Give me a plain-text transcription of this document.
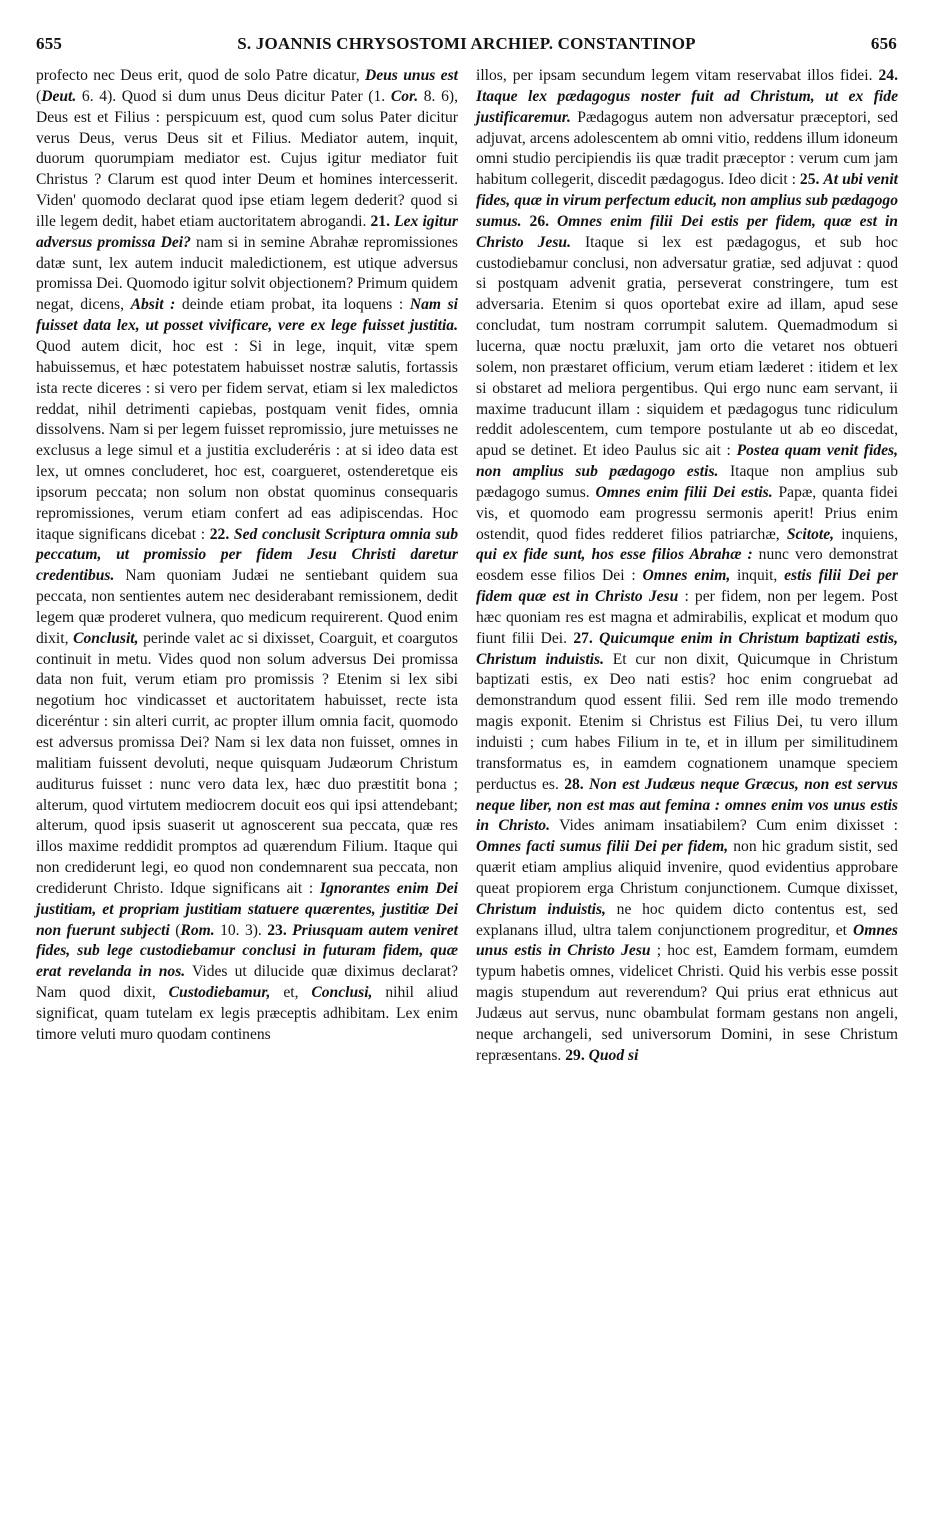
655	S. JOANNIS CHRYSOSTOMI ARCHIEP. CONSTANTINOP	656

profecto nec Deus erit, quod de solo Patre dicatur, Deus unus est (Deut. 6. 4). Quod si dum unus Deus dicitur Pater (1. Cor. 8. 6), Deus est et Filius : perspicuum est, quod cum solus Pater dicitur verus Deus, verus Deus sit et Filius. Mediator autem, inquit, duorum quorumpiam mediator est. Cujus igitur mediator fuit Christus ? Clarum est quod inter Deum et homines intercesserit. Viden' quomodo declarat quod ipse etiam legem dederit? quod si ille legem dedit, habet etiam auctoritatem abrogandi. 21. Lex igitur adversus promissa Dei? nam si in semine Abrahæ repromissiones datæ sunt, lex autem inducit maledictionem, est utique adversus promissa Dei. Quomodo igitur solvit objectionem? Primum quidem negat, dicens, Absit : deinde etiam probat, ita loquens : Nam si fuisset data lex, ut posset vivificare, vere ex lege fuisset justitia. Quod autem dicit, hoc est : Si in lege, inquit, vitæ spem habuissemus, et hæc potestatem habuisset nostræ salutis, fortassis ista recte diceres : si vero per fidem servat, etiam si lex maledictos reddat, nihil detrimenti capiebas, postquam venit fides, omnia dissolvens. Nam si per legem fuisset repromissio, jure metuisses ne exclusus a lege simul et a justitia excluderéris : at si ideo data est lex, ut omnes concluderet, hoc est, coargueret, ostenderetque eis ipsorum peccata; non solum non obstat quominus consequaris repromissiones, verum etiam confert ad eas adipiscendas. Hoc itaque significans dicebat : 22. Sed conclusit Scriptura omnia sub peccatum, ut promissio per fidem Jesu Christi daretur credentibus. Nam quoniam Judæi ne sentiebant quidem sua peccata, non sentientes autem nec desiderabant remissionem, dedit legem quæ proderet vulnera, quo medicum requirerent. Quod enim dixit, Conclusit, perinde valet ac si dixisset, Coarguit, et coargutos continuit in metu. Vides quod non solum adversus Dei promissa data non fuit, verum etiam pro promissis ? Etenim si lex sibi negotium hoc vindicasset et auctoritatem habuisset, recte ista diceréntur : sin alteri currit, ac propter illum omnia facit, quomodo est adversus promissa Dei? Nam si lex data non fuisset, omnes in malitiam fuissent devoluti, neque quisquam Judæorum Christum auditurus fuisset : nunc vero data lex, hæc duo præstitit bona ; alterum, quod virtutem mediocrem docuit eos qui ipsi attendebant; alterum, quod ipsis suaserit ut agnoscerent sua peccata, quæ res illos maxime reddidit promptos ad quærendum Filium. Itaque qui non crediderunt legi, eo quod non condemnarent sua peccata, non crediderunt Christo. Idque significans ait : Ignorantes enim Dei justitiam, et propriam justitiam statuere quærentes, justitiæ Dei non fuerunt subjecti (Rom. 10. 3). 23. Priusquam autem veniret fides, sub lege custodiebamur conclusi in futuram fidem, quæ erat revelanda in nos. Vides ut dilucide quæ diximus declarat? Nam quod dixit, Custodiebamur, et, Conclusi, nihil aliud significat, quam tutelam ex legis præceptis adhibitam. Lex enim timore veluti muro quodam continens

illos, per ipsam secundum legem vitam reservabat illos fidei. 24. Itaque lex pædagogus noster fuit ad Christum, ut ex fide justificaremur. Pædagogus autem non adversatur præceptori, sed adjuvat, arcens adolescentem ab omni vitio, reddens illum idoneum omni studio percipiendis iis quæ tradit præceptor : verum cum jam habitum collegerit, discedit pædagogus. Ideo dicit : 25. At ubi venit fides, quæ in virum perfectum educit, non amplius sub pædagogo sumus. 26. Omnes enim filii Dei estis per fidem, quæ est in Christo Jesu. Itaque si lex est pædagogus, et sub hoc custodiebamur conclusi, non adversatur gratiæ, sed adjuvat : quod si postquam advenit gratia, perseverat constringere, tum est adversaria. Etenim si quos oportebat exire ad illam, apud sese concludat, tum nostram corrumpit salutem. Quemadmodum si lucerna, quæ noctu præluxit, jam orto die vetaret nos obtueri solem, non præstaret officium, verum etiam læderet : itidem et lex si obstaret ad meliora pergentibus. Qui ergo nunc eam servant, ii maxime traducunt illam : siquidem et pædagogus tunc ridiculum reddit adolescentem, cum tempore postulante ut ab eo discedat, apud se detinet. Et ideo Paulus sic ait : Postea quam venit fides, non amplius sub pædagogo estis. Itaque non amplius sub pædagogo sumus. Omnes enim filii Dei estis. Papæ, quanta fidei vis, et quomodo eam progressu sermonis aperit! Prius enim ostendit, quod fides redderet filios patriarchæ, Scitote, inquiens, qui ex fide sunt, hos esse filios Abrahæ : nunc vero demonstrat eosdem esse filios Dei : Omnes enim, inquit, estis filii Dei per fidem quæ est in Christo Jesu : per fidem, non per legem. Post hæc quoniam res est magna et admirabilis, explicat et modum quo fiunt filii Dei. 27. Quicumque enim in Christum baptizati estis, Christum induistis. Et cur non dixit, Quicumque in Christum baptizati estis, ex Deo nati estis? hoc enim congruebat ad demonstrandum quod essent filii. Sed rem ille modo tremendo magis exponit. Etenim si Christus est Filius Dei, tu vero illum induisti ; cum habes Filium in te, et in illum per similitudinem transformatus es, in eamdem cognationem unamque speciem perductus es. 28. Non est Judæus neque Græcus, non est servus neque liber, non est mas aut femina : omnes enim vos unus estis in Christo. Vides animam insatiabilem? Cum enim dixisset : Omnes facti sumus filii Dei per fidem, non hic gradum sistit, sed quærit etiam amplius aliquid invenire, quod evidentius approbare queat propiorem erga Christum conjunctionem. Cumque dixisset, Christum induistis, ne hoc quidem dicto contentus est, sed explanans illud, ultra talem conjunctionem progreditur, et Omnes unus estis in Christo Jesu ; hoc est, Eamdem formam, eumdem typum habetis omnes, videlicet Christi. Quid his verbis esse possit magis stupendum aut reverendum? Qui prius erat ethnicus aut Judæus aut servus, nunc obambulat formam gestans non angeli, neque archangeli, sed universorum Domini, in sese Christum repræsentans. 29. Quod si
